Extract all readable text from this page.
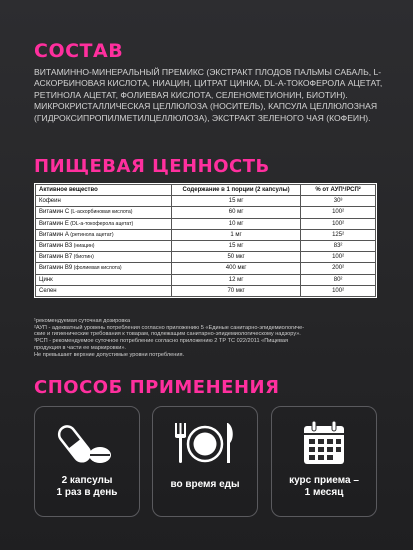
СОСТАВ
ВИТАМИННО-МИНЕРАЛЬНЫЙ ПРЕМИКС (ЭКСТРАКТ ПЛОДОВ ПАЛЬМЫ САБАЛЬ, L-АСКОРБИНОВАЯ КИСЛОТА, НИАЦИН, ЦИТРАТ ЦИНКА, DL-А-ТОКОФЕРОЛА АЦЕТАТ, РЕТИНОЛА АЦЕТАТ, ФОЛИЕВАЯ КИСЛОТА, СЕЛЕНОМЕТИОНИН, БИОТИН). МИКРОКРИСТАЛЛИЧЕСКАЯ ЦЕЛЛЮЛОЗА (НОСИТЕЛЬ), КАПСУЛА ЦЕЛЛЮЛОЗНАЯ (ГИДРОКСИПРОПИЛМЕТИЛЦЕЛЛЮЛОЗА), ЭКСТРАКТ ЗЕЛЕНОГО ЧАЯ (КОФЕИН).
ПИЩЕВАЯ ЦЕННОСТЬ
Активное вещество	Содержание в 1 порции (2 капсулы)	% от АУП¹/РСП²
Кофеин	15 мг	30³
Витамин С (L-аскорбиновая кислота)	60 мг	100²
Витамин Е (DL-а-токоферола ацетат)	10 мг	100²
Витамин А (ретинола ацетат)	1 мг	125²
Витамин В3 (ниацин)	15 мг	83²
Витамин В7 (биотин)	50 мкг	100²
Витамин В9 (фолиевая кислота)	400 мкг	200²
Цинк	12 мг	80²
Селен	70 мкг	100²
¹рекомендуемая суточная дозировка
²АУП - адекватный уровень потребления согласно приложению 5 «Единые санитарно-эпидемиологиче-
ские и гигиенические требования к товарам, подлежащим санитарно-эпидемиологическому надзору».
³РСП - рекомендуемое суточное потребление согласно приложению 2 ТР ТС 022/2011 «Пищевая
продукция в части ее маркировки».
Не превышает верхние допустимые уровни потребления.
СПОСОБ ПРИМЕНЕНИЯ
2 капсулы
1 раз в день
во время еды	курс приема –
1 месяц
